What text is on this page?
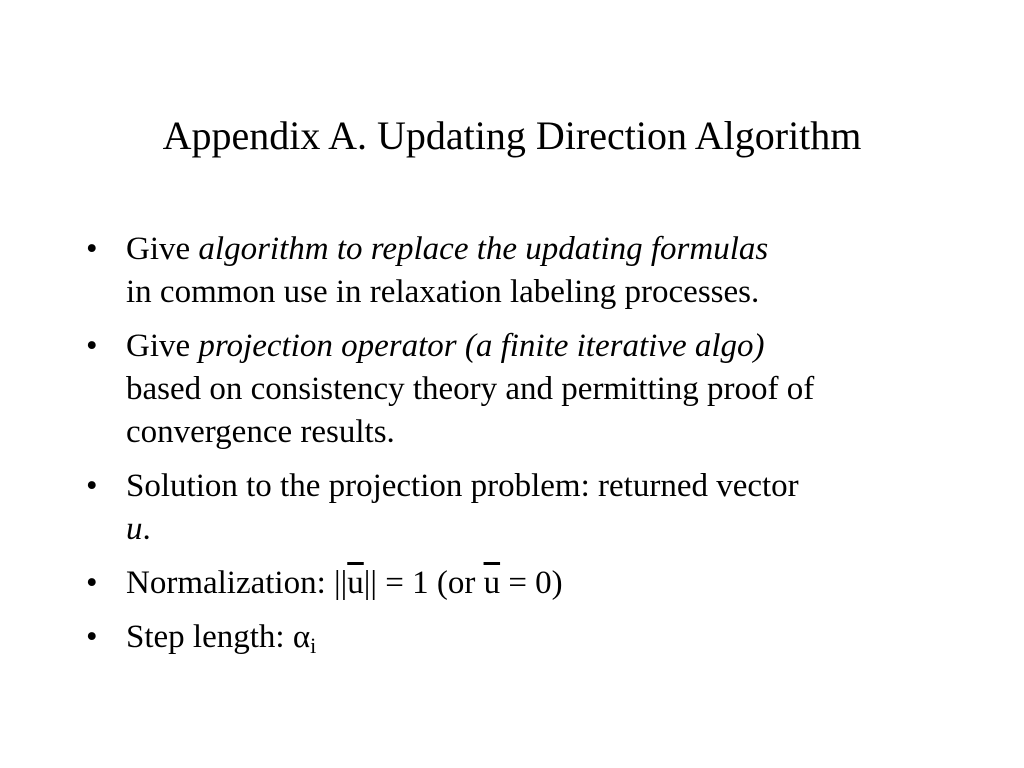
Appendix A. Updating Direction Algorithm
• Give algorithm to replace the updating formulas
in common use in relaxation labeling processes.
• Give projection operator (a finite iterative algo)
based on consistency theory and permitting proof of convergence results.
• Solution to the projection problem: returned vector
u.
• Normalization: $||\overline{u}|| = 1$ (or $\overline{u} = 0$)
• Step length: $\alpha_i$
